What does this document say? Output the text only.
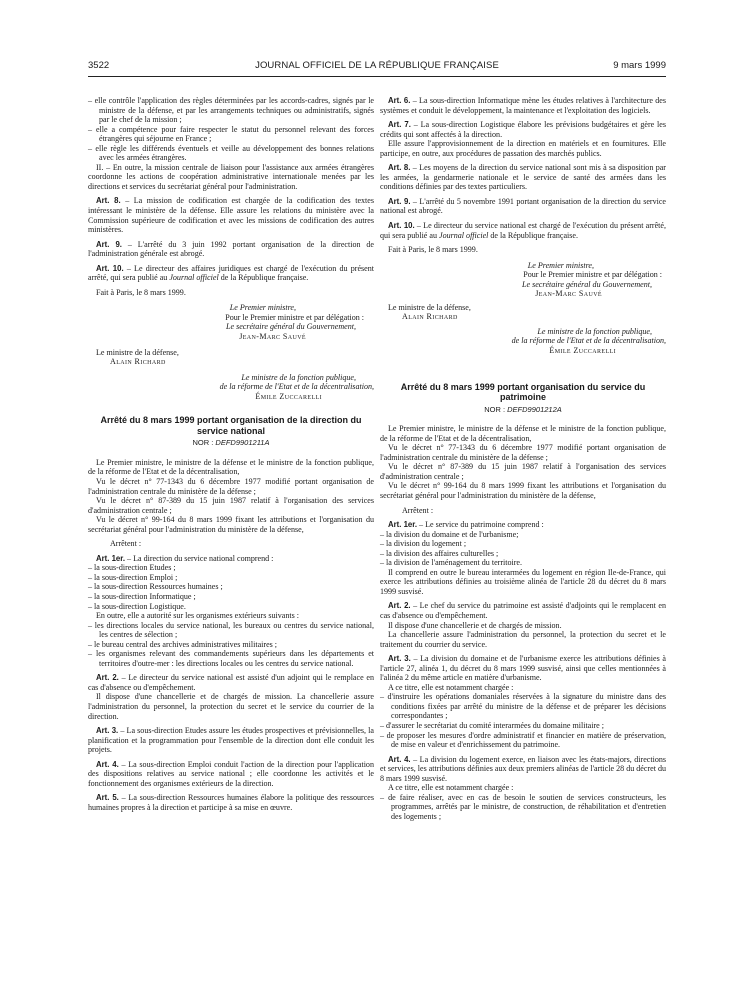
3522	JOURNAL OFFICIEL DE LA RÉPUBLIQUE FRANÇAISE	9 mars 1999
– elle contrôle l'application des règles déterminées par les accords-cadres, signés par le ministre de la défense, et par les arrangements techniques ou administratifs, signés par le chef de la mission ;
– elle a compétence pour faire respecter le statut du personnel relevant des forces étrangères qui séjourne en France ;
– elle règle les différends éventuels et veille au développement des bonnes relations avec les armées étrangères.

II. – En outre, la mission centrale de liaison pour l'assistance aux armées étrangères coordonne les actions de coopération administrative internationale menées par les directions et services du secrétariat général pour l'administration.

Art. 8. – La mission de codification est chargée de la codification des textes intéressant le ministère de la défense. Elle assure les relations du ministère avec la Commission supérieure de codification et avec les missions de codification des autres ministères.

Art. 9. – L'arrêté du 3 juin 1992 portant organisation de la direction de l'administration générale est abrogé.

Art. 10. – Le directeur des affaires juridiques est chargé de l'exécution du présent arrêté, qui sera publié au Journal officiel de la République française.

Fait à Paris, le 8 mars 1999.

Le Premier ministre,

Pour le Premier ministre et par délégation :

Le secrétaire général du Gouvernement,

Jean-Marc Sauvé

Le ministre de la défense,

Alain Richard

Le ministre de la fonction publique,

de la réforme de l'Etat et de la décentralisation,

Émile Zuccarelli

Arrêté du 8 mars 1999 portant organisation de la direction du service national
NOR : DEFD9901211A

Le Premier ministre, le ministre de la défense et le ministre de la fonction publique, de la réforme de l'Etat et de la décentralisation,

Vu le décret n° 77-1343 du 6 décembre 1977 modifié portant organisation de l'administration centrale du ministère de la défense ;

Vu le décret n° 87-389 du 15 juin 1987 relatif à l'organisation des services d'administration centrale ;

Vu le décret n° 99-164 du 8 mars 1999 fixant les attributions et l'organisation du secrétariat général pour l'administration du ministère de la défense,

Arrêtent :

Art. 1er. – La direction du service national comprend :

– la sous-direction Etudes ;
– la sous-direction Emploi ;
– la sous-direction Ressources humaines ;
– la sous-direction Informatique ;
– la sous-direction Logistique.

En outre, elle a autorité sur les organismes extérieurs suivants :

– les directions locales du service national, les bureaux ou centres du service national, les centres de sélection ;
– le bureau central des archives administratives militaires ;
– les organismes relevant des commandements supérieurs dans les départements et territoires d'outre-mer : les directions locales ou les centres du service national.

Art. 2. – Le directeur du service national est assisté d'un adjoint qui le remplace en cas d'absence ou d'empêchement.

Il dispose d'une chancellerie et de chargés de mission. La chancellerie assure l'administration du personnel, la protection du secret et le service du courrier de la direction.

Art. 3. – La sous-direction Etudes assure les études prospectives et prévisionnelles, la planification et la programmation pour l'ensemble de la direction dont elle conduit les projets.

Art. 4. – La sous-direction Emploi conduit l'action de la direction pour l'application des dispositions relatives au service national ; elle coordonne les activités et le fonctionnement des organismes extérieurs de la direction.

Art. 5. – La sous-direction Ressources humaines élabore la politique des ressources humaines propres à la direction et participe à sa mise en œuvre.

Art. 6. – La sous-direction Informatique mène les études relatives à l'architecture des systèmes et conduit le développement, la maintenance et l'exploitation des logiciels.

Art. 7. – La sous-direction Logistique élabore les prévisions budgétaires et gère les crédits qui sont affectés à la direction.

Elle assure l'approvisionnement de la direction en matériels et en fournitures. Elle participe, en outre, aux procédures de passation des marchés publics.

Art. 8. – Les moyens de la direction du service national sont mis à sa disposition par les armées, la gendarmerie nationale et le service de santé des armées dans les conditions définies par des textes particuliers.

Art. 9. – L'arrêté du 5 novembre 1991 portant organisation de la direction du service national est abrogé.

Art. 10. – Le directeur du service national est chargé de l'exécution du présent arrêté, qui sera publié au Journal officiel de la République française.

Fait à Paris, le 8 mars 1999.

Le Premier ministre,

Pour le Premier ministre et par délégation :

Le secrétaire général du Gouvernement,

Jean-Marc Sauvé

Le ministre de la défense,

Alain Richard

Le ministre de la fonction publique,

de la réforme de l'Etat et de la décentralisation,

Émile Zuccarelli

Arrêté du 8 mars 1999 portant organisation du service du patrimoine
NOR : DEFD9901212A

Le Premier ministre, le ministre de la défense et le ministre de la fonction publique, de la réforme de l'Etat et de la décentralisation,

Vu le décret n° 77-1343 du 6 décembre 1977 modifié portant organisation de l'administration centrale du ministère de la défense ;

Vu le décret n° 87-389 du 15 juin 1987 relatif à l'organisation des services d'administration centrale ;

Vu le décret n° 99-164 du 8 mars 1999 fixant les attributions et l'organisation du secrétariat général pour l'administration du ministère de la défense,

Arrêtent :

Art. 1er. – Le service du patrimoine comprend :

– la division du domaine et de l'urbanisme;
– la division du logement ;
– la division des affaires culturelles ;
– la division de l'aménagement du territoire.

Il comprend en outre le bureau interarmées du logement en région Ile-de-France, qui exerce les attributions définies au troisième alinéa de l'article 28 du décret du 8 mars 1999 susvisé.

Art. 2. – Le chef du service du patrimoine est assisté d'adjoints qui le remplacent en cas d'absence ou d'empêchement.

Il dispose d'une chancellerie et de chargés de mission.

La chancellerie assure l'administration du personnel, la protection du secret et le traitement du courrier du service.

Art. 3. – La division du domaine et de l'urbanisme exerce les attributions définies à l'article 27, alinéa 1, du décret du 8 mars 1999 susvisé, ainsi que celles mentionnées à l'alinéa 2 du même article en matière d'urbanisme.

A ce titre, elle est notamment chargée :

– d'instruire les opérations domaniales réservées à la signature du ministre dans des conditions fixées par arrêté du ministre de la défense et de préparer les décisions correspondantes ;
– d'assurer le secrétariat du comité interarmées du domaine militaire ;
– de proposer les mesures d'ordre administratif et financier en matière de préservation, de mise en valeur et d'enrichissement du patrimoine.

Art. 4. – La division du logement exerce, en liaison avec les états-majors, directions et services, les attributions définies aux deux premiers alinéas de l'article 28 du décret du 8 mars 1999 susvisé.

A ce titre, elle est notamment chargée :

– de faire réaliser, avec en cas de besoin le soutien de services constructeurs, les programmes, arrêtés par le ministre, de construction, de réhabilitation et d'entretien des logements ;
